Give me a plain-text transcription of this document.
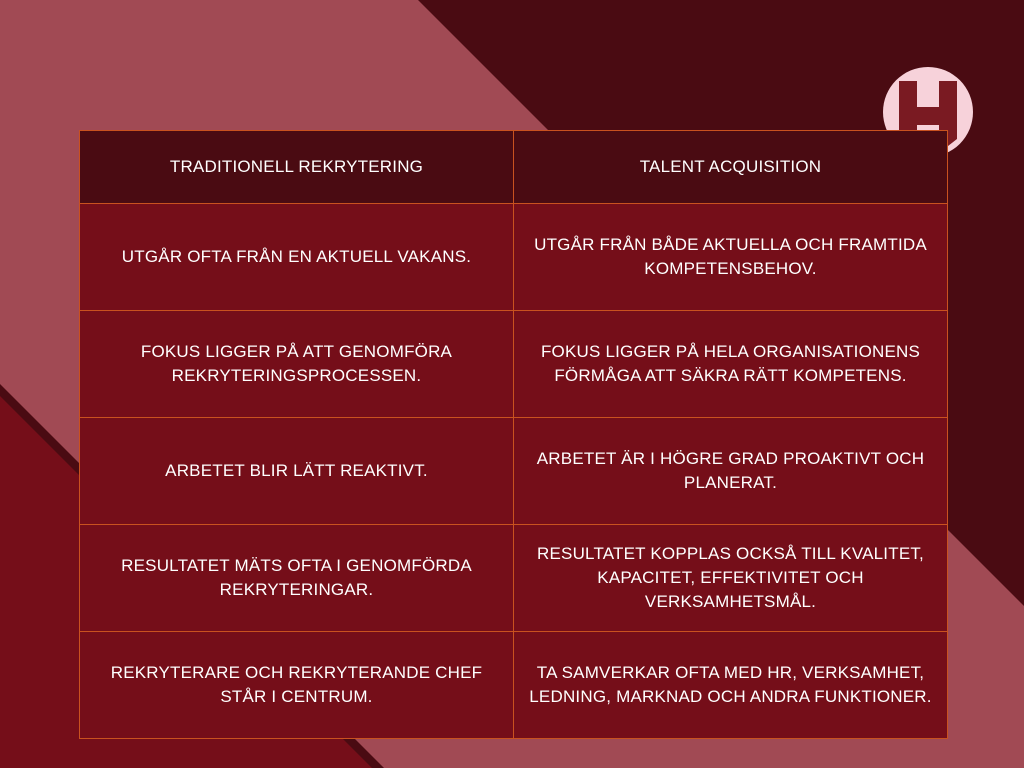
TRADITIONELL REKRYTERING	TALENT ACQUISITION
UTGÅR OFTA FRÅN EN AKTUELL VAKANS.	UTGÅR FRÅN BÅDE AKTUELLA OCH FRAMTIDA KOMPETENSBEHOV.
FOKUS LIGGER PÅ ATT GENOMFÖRA REKRYTERINGSPROCESSEN.	FOKUS LIGGER PÅ HELA ORGANISATIONENS FÖRMÅGA ATT SÄKRA RÄTT KOMPETENS.
ARBETET BLIR LÄTT REAKTIVT.	ARBETET ÄR I HÖGRE GRAD PROAKTIVT OCH PLANERAT.
RESULTATET MÄTS OFTA I GENOMFÖRDA REKRYTERINGAR.	RESULTATET KOPPLAS OCKSÅ TILL KVALITET, KAPACITET, EFFEKTIVITET OCH VERKSAMHETSMÅL.
REKRYTERARE OCH REKRYTERANDE CHEF STÅR I CENTRUM.	TA SAMVERKAR OFTA MED HR, VERKSAMHET, LEDNING, MARKNAD OCH ANDRA FUNKTIONER.
